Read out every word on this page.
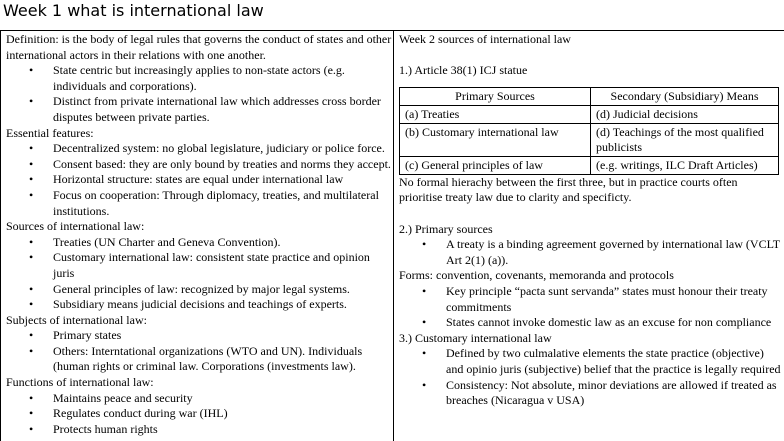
Week 1 what is international law

Definition: is the body of legal rules that governs the conduct of states and other international actors in their relations with one another.

• State centric but increasingly applies to non-state actors (e.g. individuals and corporations).
• Distinct from private international law which addresses cross border disputes between private parties.

Essential features:

• Decentralized system: no global legislature, judiciary or police force.
• Consent based: they are only bound by treaties and norms they accept.
• Horizontal structure: states are equal under international law
• Focus on cooperation: Through diplomacy, treaties, and multilateral institutions.

Sources of international law:

• Treaties (UN Charter and Geneva Convention).
• Customary international law: consistent state practice and opinion juris
• General principles of law: recognized by major legal systems.
• Subsidiary means judicial decisions and teachings of experts.

Subjects of international law:

• Primary states
• Others: Interntational organizations (WTO and UN). Individuals (human rights or criminal law. Corporations (investments law).

Functions of international law:

• Maintains peace and security
• Regulates conduct during war (IHL)
• Protects human rights

Week 2 sources of international law

1.) Article 38(1) ICJ statue

Primary Sources	Secondary (Subsidiary) Means
(a) Treaties	(d) Judicial decisions
(b) Customary international law	(d) Teachings of the most qualified publicists
(c) General principles of law	(e.g. writings, ILC Draft Articles)

No formal hierachy between the first three, but in practice courts often prioritise treaty law due to clarity and specificty.

2.) Primary sources

• A treaty is a binding agreement governed by international law (VCLT Art 2(1) (a)).

Forms: convention, covenants, memoranda and protocols

• Key principle “pacta sunt servanda” states must honour their treaty commitments
• States cannot invoke domestic law as an excuse for non compliance

3.) Customary international law

• Defined by two culmalative elements the state practice (objective) and opinio juris (subjective) belief that the practice is legally required
• Consistency: Not absolute, minor deviations are allowed if treated as breaches (Nicaragua v USA)
